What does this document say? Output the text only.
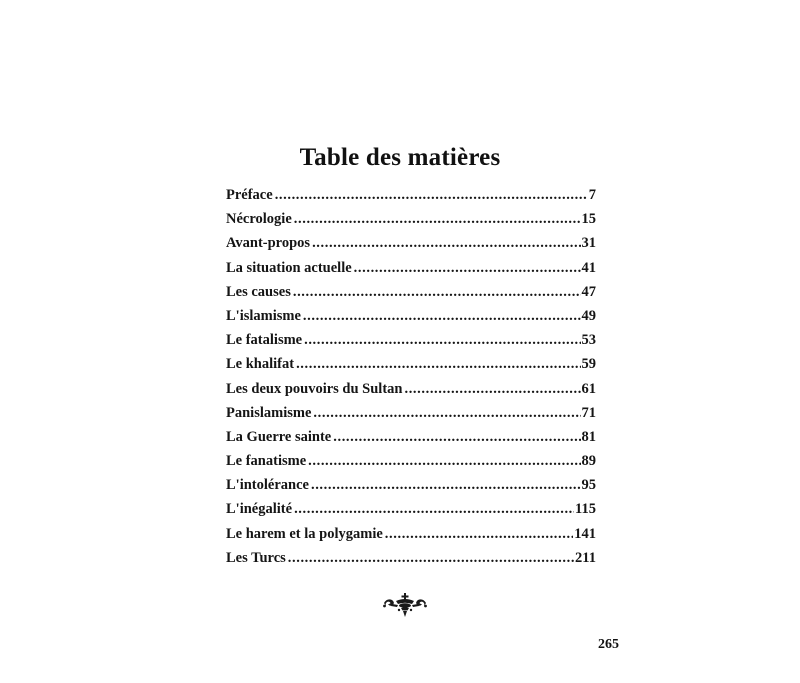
Table des matières
Préface .....	7
Nécrologie .....	15
Avant-propos .....	31
La situation actuelle .....	41
Les causes .....	47
L'islamisme .....	49
Le fatalisme .....	53
Le khalifat .....	59
Les deux pouvoirs du Sultan .....	61
Panislamisme .....	71
La Guerre sainte .....	81
Le fanatisme .....	89
L'intolérance .....	95
L'inégalité .....	115
Le harem et la polygamie .....	141
Les Turcs .....	211
265
